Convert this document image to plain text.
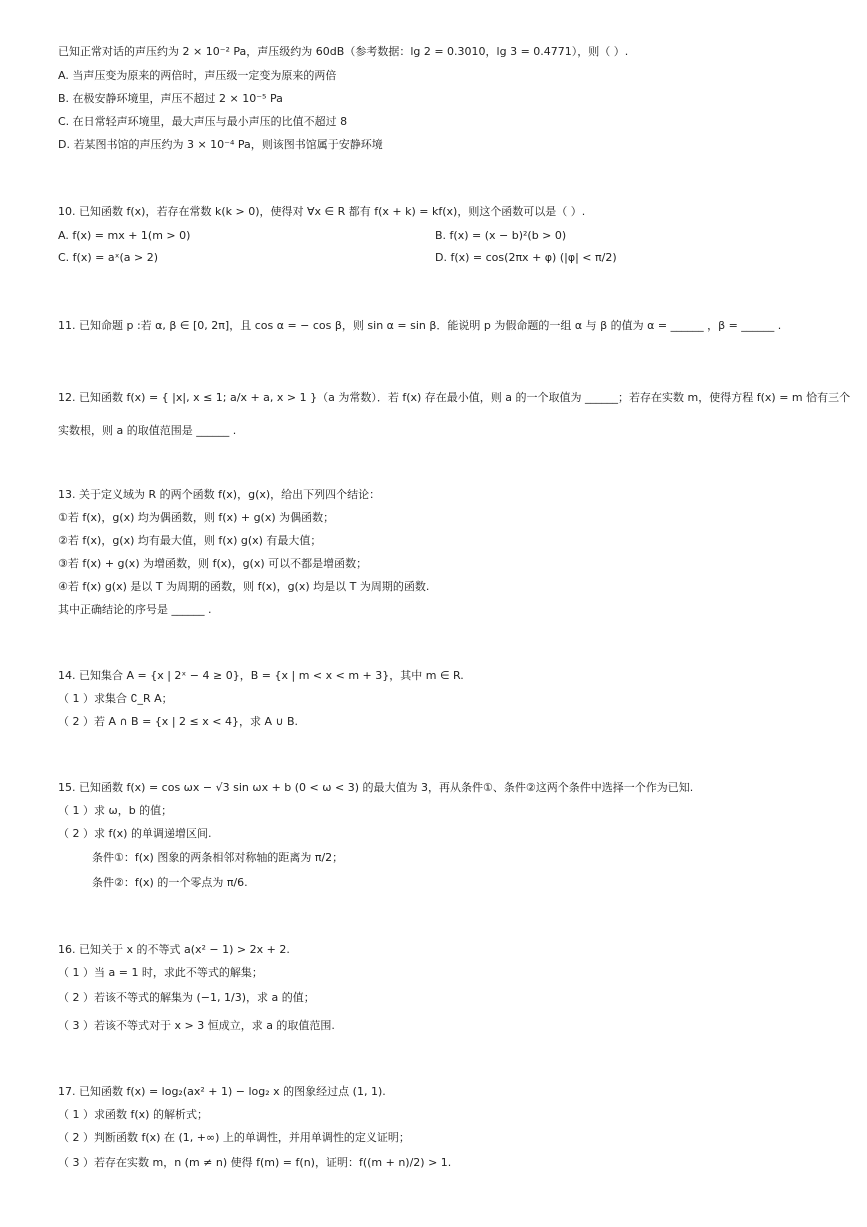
已知正常对话的声压约为 2 × 10⁻² Pa，声压级约为 60dB（参考数据：lg 2 = 0.3010，lg 3 = 0.4771），则（ ）.
A. 当声压变为原来的两倍时，声压级一定变为原来的两倍
B. 在极安静环境里，声压不超过 2 × 10⁻⁵ Pa
C. 在日常轻声环境里，最大声压与最小声压的比值不超过 8
D. 若某图书馆的声压约为 3 × 10⁻⁴ Pa，则该图书馆属于安静环境
10. 已知函数 f(x)，若存在常数 k(k > 0)，使得对 ∀x ∈ R 都有 f(x + k) = kf(x)，则这个函数可以是（ ）.
A. f(x) = mx + 1(m > 0)	B. f(x) = (x − b)²(b > 0)
C. f(x) = aˣ(a > 2)	D. f(x) = cos(2πx + φ) (|φ| < π/2)
11. 已知命题 p :若 α, β ∈ [0, 2π]，且 cos α = − cos β，则 sin α = sin β．能说明 p 为假命题的一组 α 与 β 的值为 α = ______ ，β = ______ .
12. 已知函数 f(x) = { |x|, x ≤ 1; a/x + a, x > 1 }（a 为常数）．若 f(x) 存在最小值，则 a 的一个取值为 ______；若存在实数 m，使得方程 f(x) = m 恰有三个
实数根，则 a 的取值范围是 ______ .
13. 关于定义域为 R 的两个函数 f(x)，g(x)，给出下列四个结论：
①若 f(x)，g(x) 均为偶函数，则 f(x) + g(x) 为偶函数；
②若 f(x)，g(x) 均有最大值，则 f(x) g(x) 有最大值；
③若 f(x) + g(x) 为增函数，则 f(x)，g(x) 可以不都是增函数；
④若 f(x) g(x) 是以 T 为周期的函数，则 f(x)，g(x) 均是以 T 为周期的函数.
其中正确结论的序号是 ______ .
14. 已知集合 A = {x | 2ˣ − 4 ≥ 0}，B = {x | m < x < m + 3}，其中 m ∈ R.
（ 1 ）求集合 ∁_R A；
（ 2 ）若 A ∩ B = {x | 2 ≤ x < 4}，求 A ∪ B.
15. 已知函数 f(x) = cos ωx − √3 sin ωx + b (0 < ω < 3) 的最大值为 3，再从条件①、条件②这两个条件中选择一个作为已知.
（ 1 ）求 ω，b 的值；
（ 2 ）求 f(x) 的单调递增区间.
条件①：f(x) 图象的两条相邻对称轴的距离为 π/2；
条件②：f(x) 的一个零点为 π/6.
16. 已知关于 x 的不等式 a(x² − 1) > 2x + 2.
（ 1 ）当 a = 1 时，求此不等式的解集；
（ 2 ）若该不等式的解集为 (−1, 1/3)，求 a 的值；
（ 3 ）若该不等式对于 x > 3 恒成立，求 a 的取值范围.
17. 已知函数 f(x) = log₂(ax² + 1) − log₂ x 的图象经过点 (1, 1).
（ 1 ）求函数 f(x) 的解析式；
（ 2 ）判断函数 f(x) 在 (1, +∞) 上的单调性，并用单调性的定义证明；
（ 3 ）若存在实数 m，n (m ≠ n) 使得 f(m) = f(n)，证明：f((m + n)/2) > 1.
